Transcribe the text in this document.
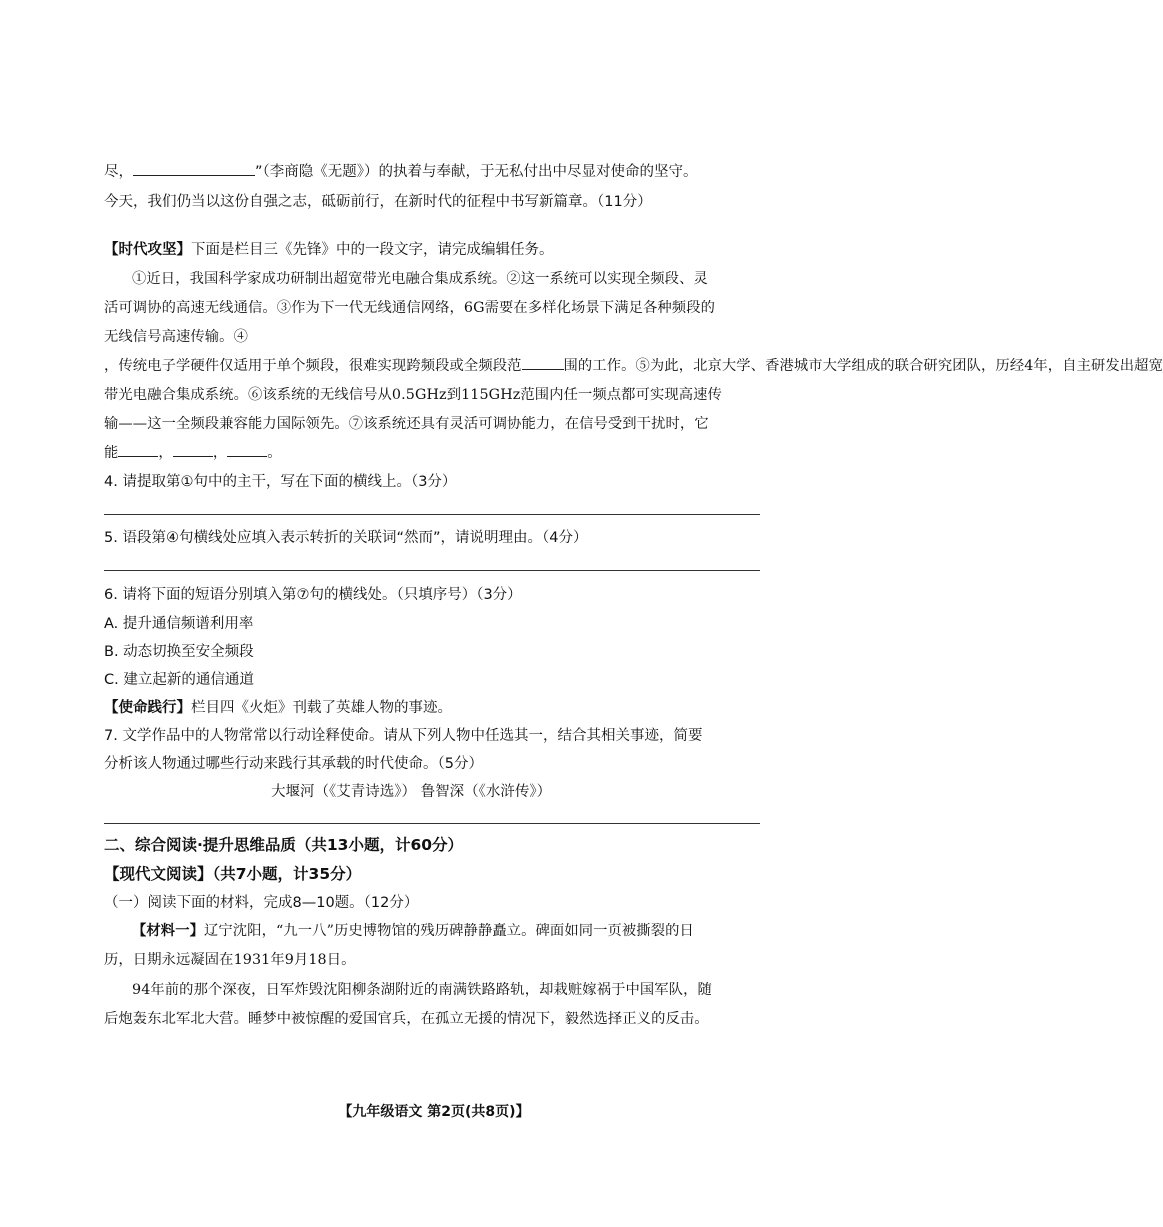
尽，	”（李商隐《无题》）的执着与奉献，于无私付出中尽显对使命的坚守。
今天，我们仍当以这份自强之志，砥砺前行，在新时代的征程中书写新篇章。（11分）
【时代攻坚】下面是栏目三《先锋》中的一段文字，请完成编辑任务。
①近日，我国科学家成功研制出超宽带光电融合集成系统。②这一系统可以实现全频段、灵
活可调协的高速无线通信。③作为下一代无线通信网络，6G需要在多样化场景下满足各种频段的
无线信号高速传输。④
，传统电子学硬件仅适用于单个频段，很难实现跨频段或全频段范	围的工作。⑤为此，北京大学、香港城市大学组成的联合研究团队，历经4年，自主研发出超宽
带光电融合集成系统。⑥该系统的无线信号从0.5GHz到115GHz范围内任一频点都可实现高速传
输——这一全频段兼容能力国际领先。⑦该系统还具有灵活可调协能力，在信号受到干扰时，它
能	，	，	。
4. 请提取第①句中的主干，写在下面的横线上。（3分）
5. 语段第④句横线处应填入表示转折的关联词“然而”，请说明理由。（4分）
6. 请将下面的短语分别填入第⑦句的横线处。（只填序号）（3分）
A. 提升通信频谱利用率
B. 动态切换至安全频段
C. 建立起新的通信通道
【使命践行】栏目四《火炬》刊载了英雄人物的事迹。
7. 文学作品中的人物常常以行动诠释使命。请从下列人物中任选其一，结合其相关事迹，简要
分析该人物通过哪些行动来践行其承载的时代使命。（5分）
大堰河（《艾青诗选》） 鲁智深（《水浒传》）
二、综合阅读·提升思维品质（共13小题，计60分）
【现代文阅读】（共7小题，计35分）
（一）阅读下面的材料，完成8—10题。（12分）
【材料一】辽宁沈阳，“九一八”历史博物馆的残历碑静静矗立。碑面如同一页被撕裂的日
历，日期永远凝固在1931年9月18日。
94年前的那个深夜，日军炸毁沈阳柳条湖附近的南满铁路路轨，却栽赃嫁祸于中国军队，随
后炮轰东北军北大营。睡梦中被惊醒的爱国官兵，在孤立无援的情况下，毅然选择正义的反击。
【九年级语文 第2页(共8页)】
